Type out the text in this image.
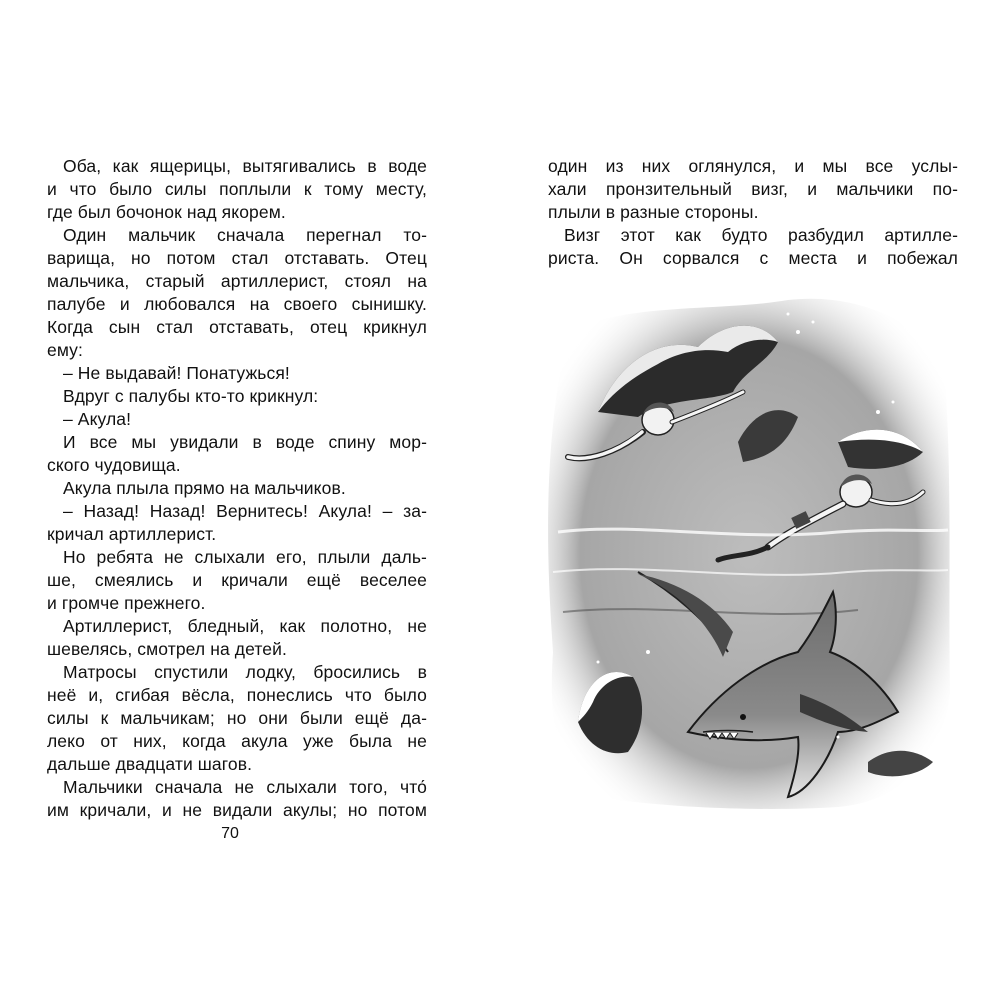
Оба, как ящерицы, вытягивались в воде
и что было силы поплыли к тому месту,
где был бочонок над якорем.
Один мальчик сначала перегнал то-
варища, но потом стал отставать. Отец
мальчика, старый артиллерист, стоял на
палубе и любовался на своего сынишку.
Когда сын стал отставать, отец крикнул
ему:
– Не выдавай! Понатужься!
Вдруг с палубы кто-то крикнул:
– Акула!
И все мы увидали в воде спину мор-
ского чудовища.
Акула плыла прямо на мальчиков.
– Назад! Назад! Вернитесь! Акула! – за-
кричал артиллерист.
Но ребята не слыхали его, плыли даль-
ше, смеялись и кричали ещё веселее
и громче прежнего.
Артиллерист, бледный, как полотно, не
шевелясь, смотрел на детей.
Матросы спустили лодку, бросились в
неё и, сгибая вёсла, понеслись что было
силы к мальчикам; но они были ещё да-
леко от них, когда акула уже была не
дальше двадцати шагов.
Мальчики сначала не слыхали того, что́
им кричали, и не видали акулы; но потом
70
один из них оглянулся, и мы все услы-
хали пронзительный визг, и мальчики по-
плыли в разные стороны.
Визг этот как будто разбудил артилле-
риста. Он сорвался с места и побежал
